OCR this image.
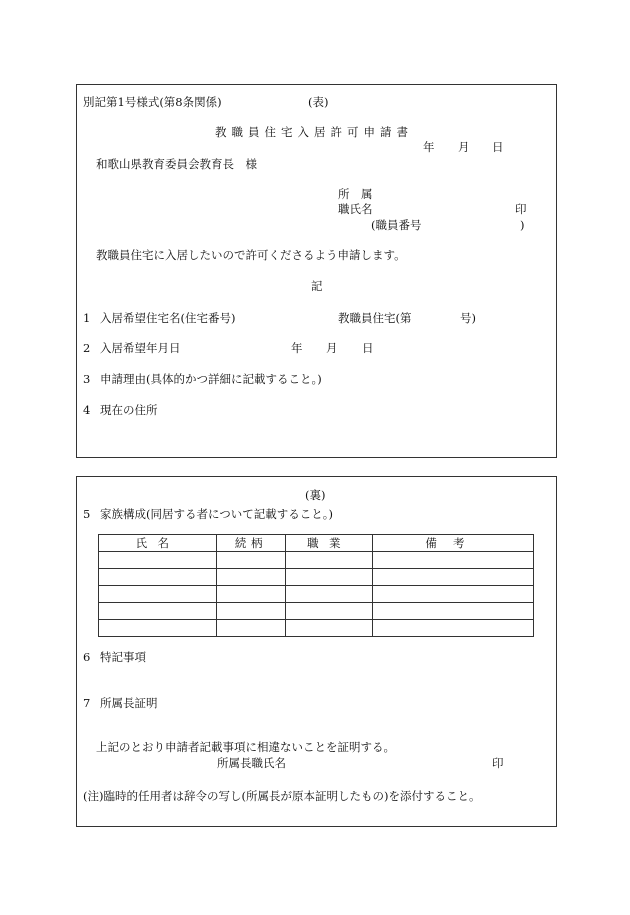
別記第1号様式(第8条関係)	(表)
教職員住宅入居許可申請書
年 月 日
和歌山県教育委員会教育長　様
所　属
職氏名	印
(職員番号	)
教職員住宅に入居したいので許可くださるよう申請します。
記
1 入居希望住宅名(住宅番号)	教職員住宅(第	号)
2 入居希望年月日	年 月 日
3 申請理由(具体的かつ詳細に記載すること。)
4 現在の住所
(裏)
5 家族構成(同居する者について記載すること。)
氏名	続柄	職業	備考

6 特記事項
7 所属長証明
上記のとおり申請者記載事項に相違ないことを証明する。
所属長職氏名	印
(注)臨時的任用者は辞令の写し(所属長が原本証明したもの)を添付すること。
